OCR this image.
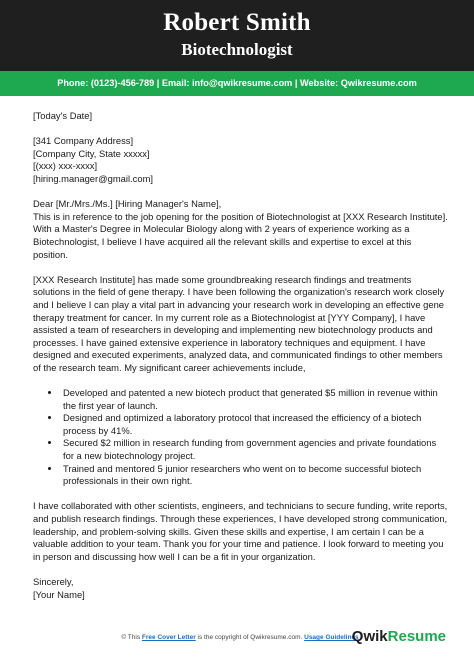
Robert Smith
Biotechnologist
Phone: (0123)-456-789 | Email: info@qwikresume.com | Website: Qwikresume.com

[Today's Date]

[341 Company Address]
[Company City, State xxxxx]
[(xxx) xxx-xxxx]
[hiring.manager@gmail.com]

Dear [Mr./Mrs./Ms.] [Hiring Manager's Name],

This is in reference to the job opening for the position of Biotechnologist at [XXX Research Institute]. With a Master's Degree in Molecular Biology along with 2 years of experience working as a Biotechnologist, I believe I have acquired all the relevant skills and expertise to excel at this position.

[XXX Research Institute] has made some groundbreaking research findings and treatments solutions in the field of gene therapy. I have been following the organization's research work closely and I believe I can play a vital part in advancing your research work in developing an effective gene therapy treatment for cancer. In my current role as a Biotechnologist at [YYY Company], I have assisted a team of researchers in developing and implementing new biotechnology products and processes. I have gained extensive experience in laboratory techniques and equipment. I have designed and executed experiments, analyzed data, and communicated findings to other members of the research team. My significant career achievements include,

• Developed and patented a new biotech product that generated $5 million in revenue within the first year of launch.
• Designed and optimized a laboratory protocol that increased the efficiency of a biotech process by 41%.
• Secured $2 million in research funding from government agencies and private foundations for a new biotechnology project.
• Trained and mentored 5 junior researchers who went on to become successful biotech professionals in their own right.

I have collaborated with other scientists, engineers, and technicians to secure funding, write reports, and publish research findings. Through these experiences, I have developed strong communication, leadership, and problem-solving skills. Given these skills and expertise, I am certain I can be a valuable addition to your team. Thank you for your time and patience. I look forward to meeting you in person and discussing how well I can be a fit in your organization.

Sincerely,

[Your Name]

© This Free Cover Letter is the copyright of Qwikresume.com. Usage Guidelines
QwikResume
